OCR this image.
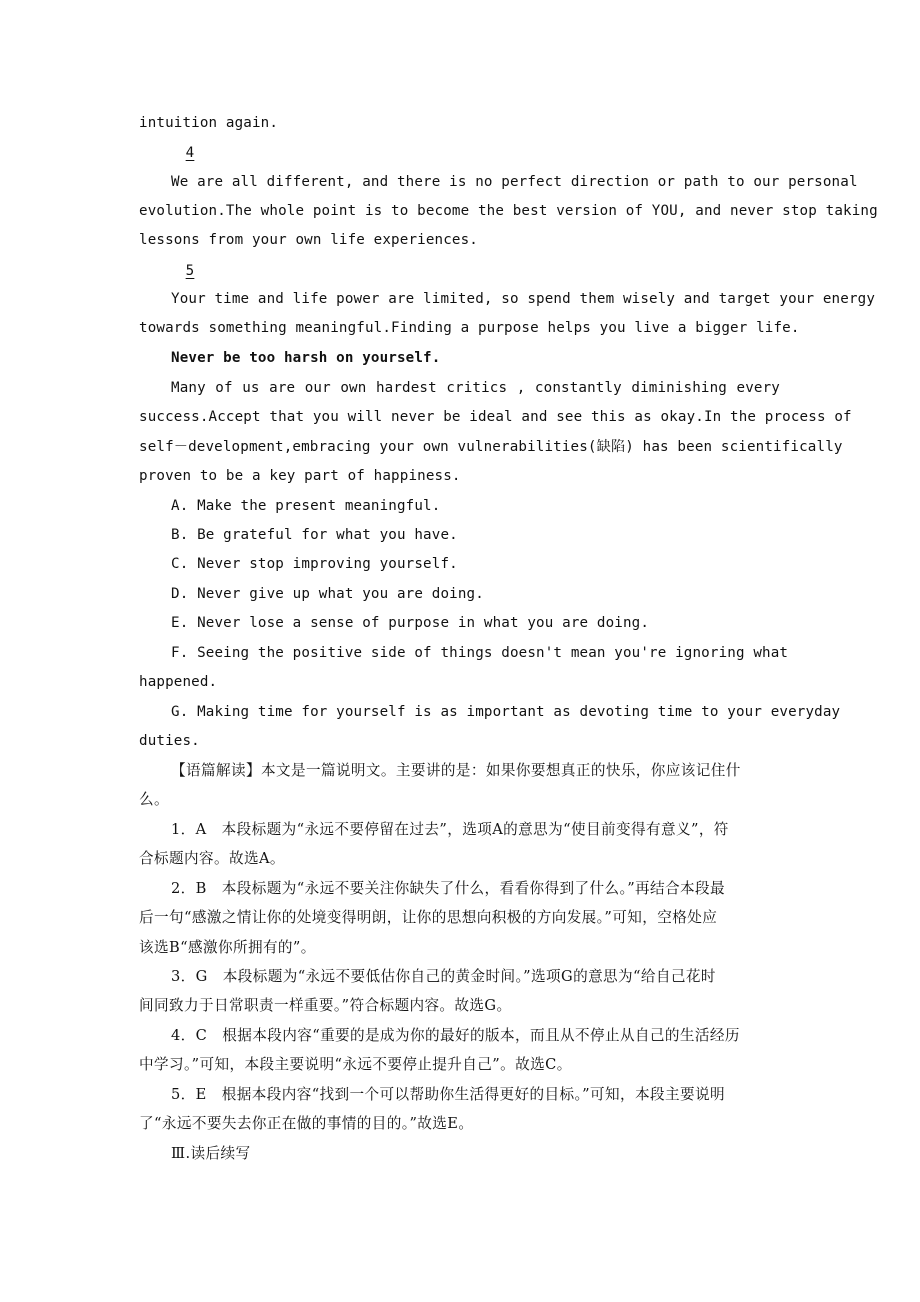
intuition again.
4
We are all different, and there is no perfect direction or path to our personal
evolution.The whole point is to become the best version of YOU, and never stop taking
lessons from your own life experiences.
5
Your time and life power are limited, so spend them wisely and target your energy
towards something meaningful.Finding a purpose helps you live a bigger life.
Never be too harsh on yourself.
Many of us are our own hardest critics , constantly diminishing every
success.Accept that you will never be ideal and see this as okay.In the process of
self－development,embracing your own vulnerabilities(缺陷) has been scientifically
proven to be a key part of happiness.
A. Make the present meaningful.
B. Be grateful for what you have.
C. Never stop improving yourself.
D. Never give up what you are doing.
E. Never lose a sense of purpose in what you are doing.
F. Seeing the positive side of things doesn't mean you're ignoring what
happened.
G. Making time for yourself is as important as devoting time to your everyday
duties.
【语篇解读】本文是一篇说明文。主要讲的是：如果你要想真正的快乐，你应该记住什
么。
1．A　本段标题为“永远不要停留在过去”，选项A的意思为“使目前变得有意义”，符
合标题内容。故选A。
2．B　本段标题为“永远不要关注你缺失了什么，看看你得到了什么。”再结合本段最
后一句“感激之情让你的处境变得明朗，让你的思想向积极的方向发展。”可知，空格处应
该选B“感激你所拥有的”。
3．G　本段标题为“永远不要低估你自己的黄金时间。”选项G的意思为“给自己花时
间同致力于日常职责一样重要。”符合标题内容。故选G。
4．C　根据本段内容“重要的是成为你的最好的版本，而且从不停止从自己的生活经历
中学习。”可知，本段主要说明“永远不要停止提升自己”。故选C。
5．E　根据本段内容“找到一个可以帮助你生活得更好的目标。”可知，本段主要说明
了“永远不要失去你正在做的事情的目的。”故选E。
Ⅲ.读后续写
